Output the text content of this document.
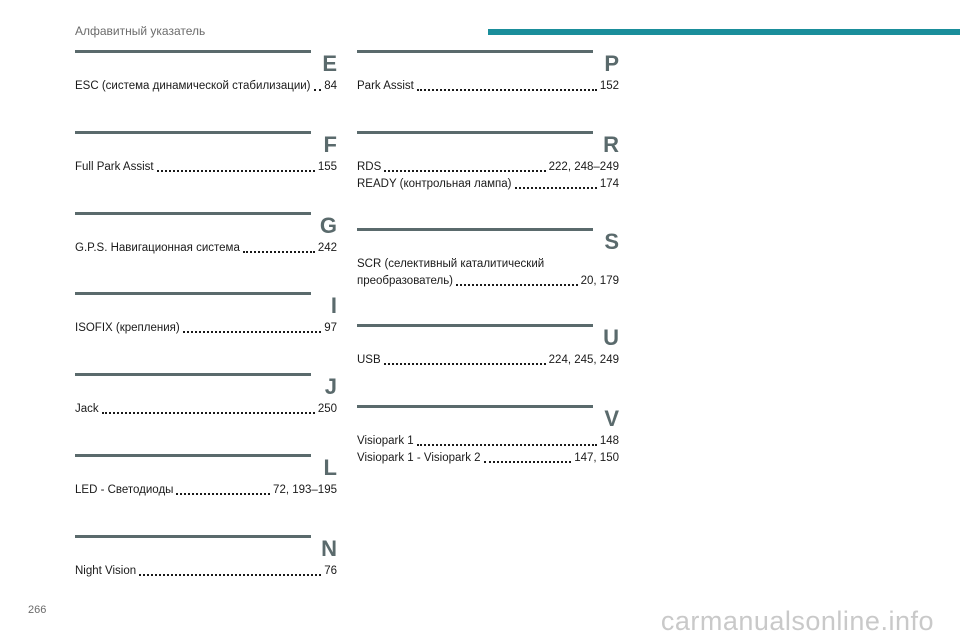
Алфавитный указатель
E
ESC (система динамической стабилизации) 84
F
Full Park Assist	155
G
G.P.S. Навигационная система	242
I
ISOFIX (крепления)	97
J
Jack	250
L
LED - Светодиоды	72, 193–195
N
Night Vision	76
P
Park Assist	152
R
RDS	222, 248–249
READY (контрольная лампа)	174
S
SCR (селективный каталитический
преобразователь)	20, 179
U
USB	224, 245, 249
V
Visiopark 1	148
Visiopark 1 - Visiopark 2	147, 150
266	carmanualsonline.info
